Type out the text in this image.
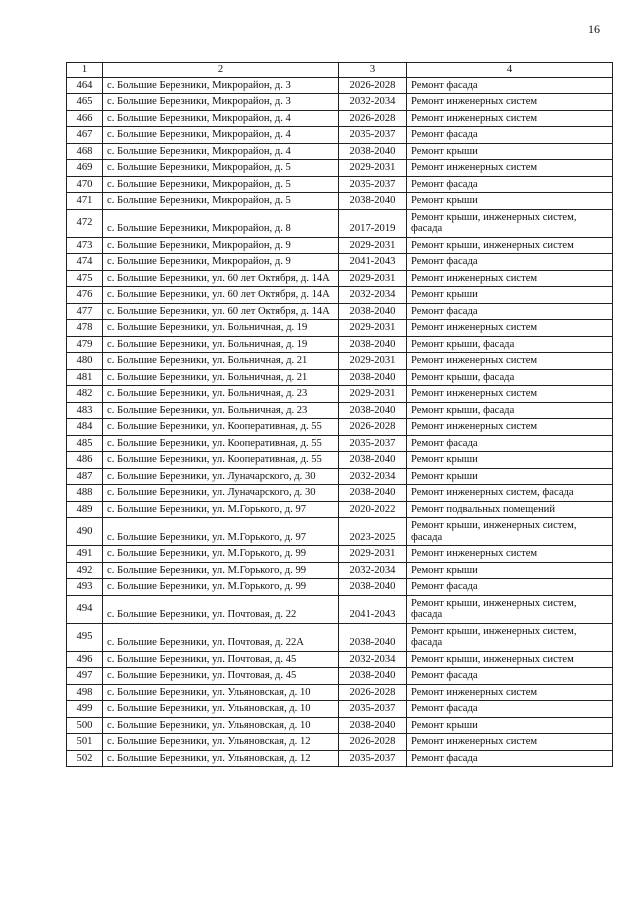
16
1	2	3	4
464	с. Большие Березники, Микрорайон, д. 3	2026-2028	Ремонт фасада
465	с. Большие Березники, Микрорайон, д. 3	2032-2034	Ремонт инженерных систем
466	с. Большие Березники, Микрорайон, д. 4	2026-2028	Ремонт инженерных систем
467	с. Большие Березники, Микрорайон, д. 4	2035-2037	Ремонт фасада
468	с. Большие Березники, Микрорайон, д. 4	2038-2040	Ремонт крыши
469	с. Большие Березники, Микрорайон, д. 5	2029-2031	Ремонт инженерных систем
470	с. Большие Березники, Микрорайон, д. 5	2035-2037	Ремонт фасада
471	с. Большие Березники, Микрорайон, д. 5	2038-2040	Ремонт крыши
472	с. Большие Березники, Микрорайон, д. 8	2017-2019	Ремонт крыши, инженерных систем, фасада
473	с. Большие Березники, Микрорайон, д. 9	2029-2031	Ремонт крыши, инженерных систем
474	с. Большие Березники, Микрорайон, д. 9	2041-2043	Ремонт фасада
475	с. Большие Березники, ул. 60 лет Октября, д. 14А	2029-2031	Ремонт инженерных систем
476	с. Большие Березники, ул. 60 лет Октября, д. 14А	2032-2034	Ремонт крыши
477	с. Большие Березники, ул. 60 лет Октября, д. 14А	2038-2040	Ремонт фасада
478	с. Большие Березники, ул. Больничная, д. 19	2029-2031	Ремонт инженерных систем
479	с. Большие Березники, ул. Больничная, д. 19	2038-2040	Ремонт крыши, фасада
480	с. Большие Березники, ул. Больничная, д. 21	2029-2031	Ремонт инженерных систем
481	с. Большие Березники, ул. Больничная, д. 21	2038-2040	Ремонт крыши, фасада
482	с. Большие Березники, ул. Больничная, д. 23	2029-2031	Ремонт инженерных систем
483	с. Большие Березники, ул. Больничная, д. 23	2038-2040	Ремонт крыши, фасада
484	с. Большие Березники, ул. Кооперативная, д. 55	2026-2028	Ремонт инженерных систем
485	с. Большие Березники, ул. Кооперативная, д. 55	2035-2037	Ремонт фасада
486	с. Большие Березники, ул. Кооперативная, д. 55	2038-2040	Ремонт крыши
487	с. Большие Березники, ул. Луначарского, д. 30	2032-2034	Ремонт крыши
488	с. Большие Березники, ул. Луначарского, д. 30	2038-2040	Ремонт инженерных систем, фасада
489	с. Большие Березники, ул. М.Горького, д. 97	2020-2022	Ремонт подвальных помещений
490	с. Большие Березники, ул. М.Горького, д. 97	2023-2025	Ремонт крыши, инженерных систем, фасада
491	с. Большие Березники, ул. М.Горького, д. 99	2029-2031	Ремонт инженерных систем
492	с. Большие Березники, ул. М.Горького, д. 99	2032-2034	Ремонт крыши
493	с. Большие Березники, ул. М.Горького, д. 99	2038-2040	Ремонт фасада
494	с. Большие Березники, ул. Почтовая, д. 22	2041-2043	Ремонт крыши, инженерных систем, фасада
495	с. Большие Березники, ул. Почтовая, д. 22А	2038-2040	Ремонт крыши, инженерных систем, фасада
496	с. Большие Березники, ул. Почтовая, д. 45	2032-2034	Ремонт крыши, инженерных систем
497	с. Большие Березники, ул. Почтовая, д. 45	2038-2040	Ремонт фасада
498	с. Большие Березники, ул. Ульяновская, д. 10	2026-2028	Ремонт инженерных систем
499	с. Большие Березники, ул. Ульяновская, д. 10	2035-2037	Ремонт фасада
500	с. Большие Березники, ул. Ульяновская, д. 10	2038-2040	Ремонт крыши
501	с. Большие Березники, ул. Ульяновская, д. 12	2026-2028	Ремонт инженерных систем
502	с. Большие Березники, ул. Ульяновская, д. 12	2035-2037	Ремонт фасада
